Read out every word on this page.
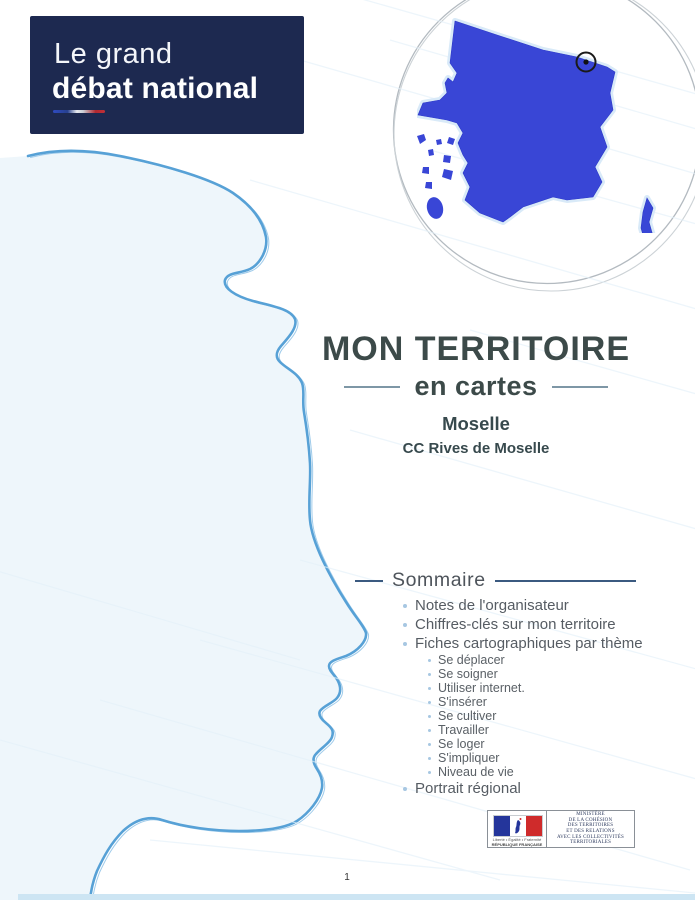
Le grand
débat national
MON TERRITOIRE
en cartes
Moselle
CC Rives de Moselle
Sommaire
Notes de l'organisateur
Chiffres-clés sur mon territoire
Fiches cartographiques par thème
Se déplacer
Se soigner
Utiliser internet.
S'insérer
Se cultiver
Travailler
Se loger
S'impliquer
Niveau de vie
Portrait régional
Liberté • Égalité • Fraternité
RÉPUBLIQUE FRANÇAISE
MINISTÈRE
DE LA COHÉSION
DES TERRITOIRES
ET DES RELATIONS
AVEC LES COLLECTIVITÉS
TERRITORIALES
1
